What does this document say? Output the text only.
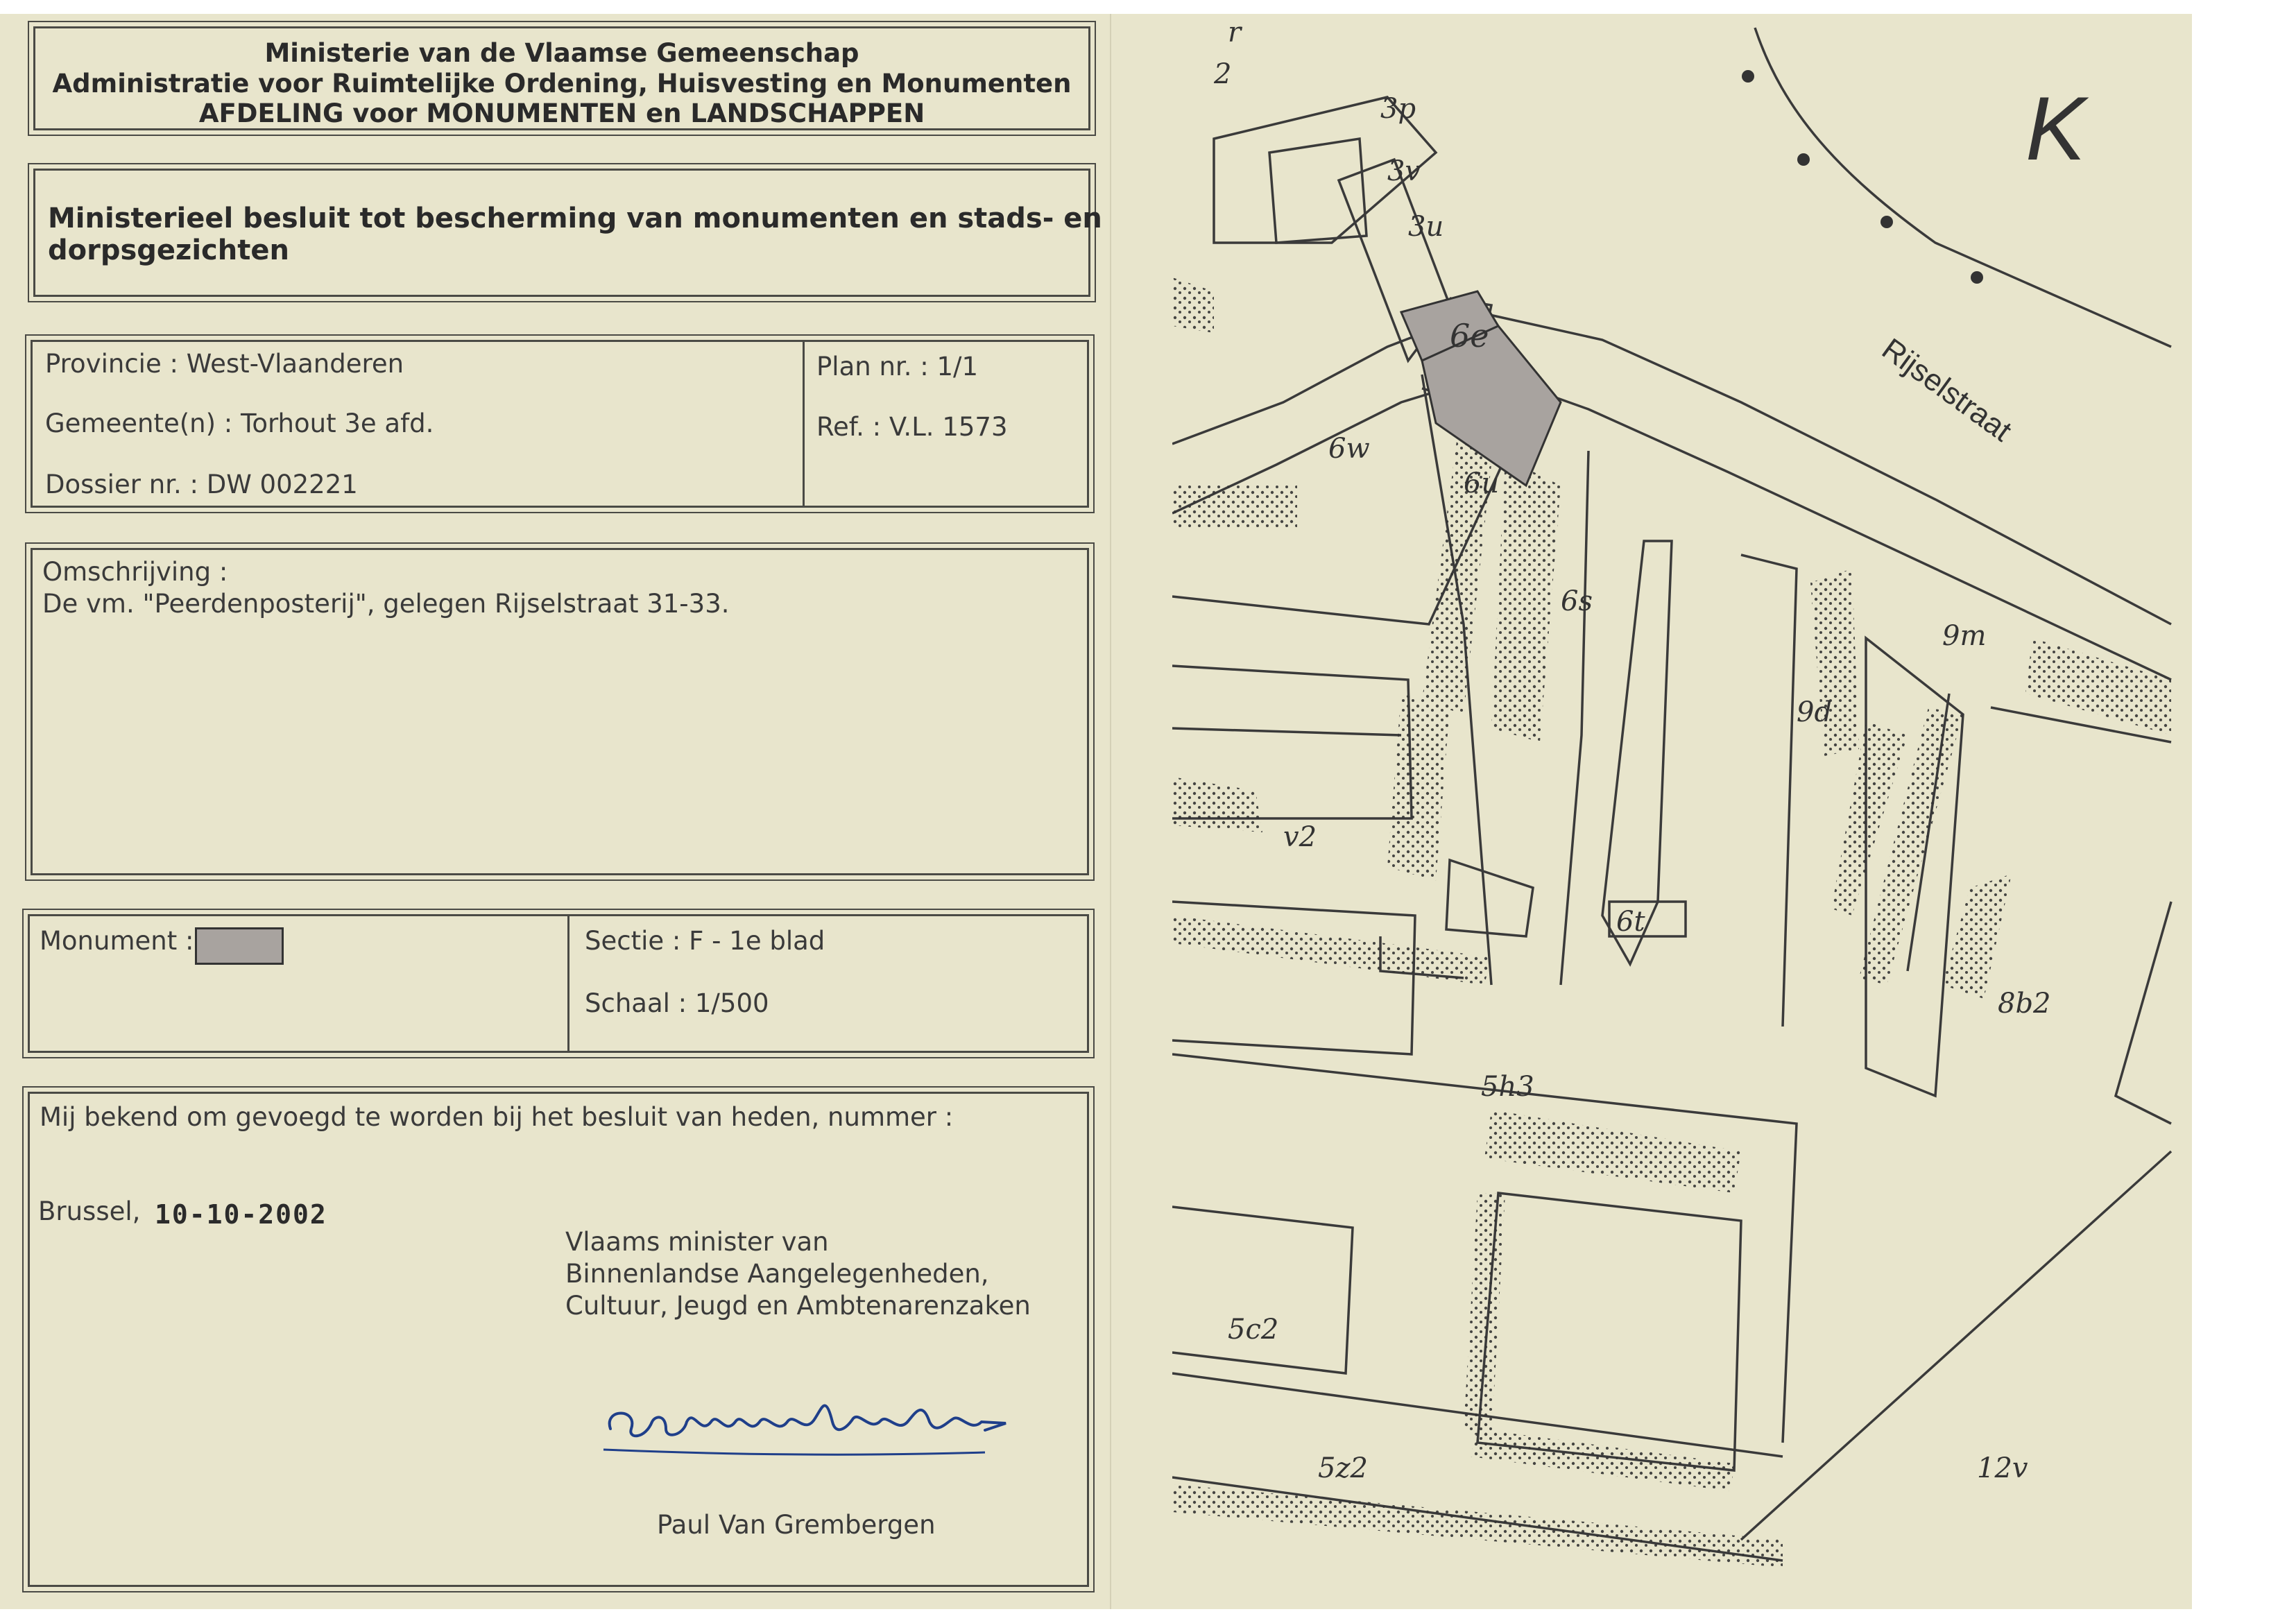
Ministerie van de Vlaamse Gemeenschap
Administratie voor Ruimtelijke Ordening, Huisvesting en Monumenten
AFDELING voor MONUMENTEN en LANDSCHAPPEN
Ministerieel besluit tot bescherming van monumenten en stads- en
dorpsgezichten
Provincie : West-Vlaanderen
Gemeente(n) : Torhout 3e afd.
Dossier nr. : DW 002221
Plan nr. : 1/1
Ref. : V.L. 1573
Omschrijving :
De vm. "Peerdenposterij", gelegen Rijselstraat 31-33.
Monument :	Sectie : F - 1e blad
Schaal : 1/500
Mij bekend om gevoegd te worden bij het besluit van heden, nummer :
Brussel, 10-10-2002
Vlaams minister van
Binnenlandse Aangelegenheden,
Cultuur, Jeugd en Ambtenarenzaken
Paul Van Grembergen
r
2
3p
3v
3u
6e
6w
6u
6s
9m
9d
v2
6t
5h3
8b2
5c2
5z2	12v
Rijselstraat
K
